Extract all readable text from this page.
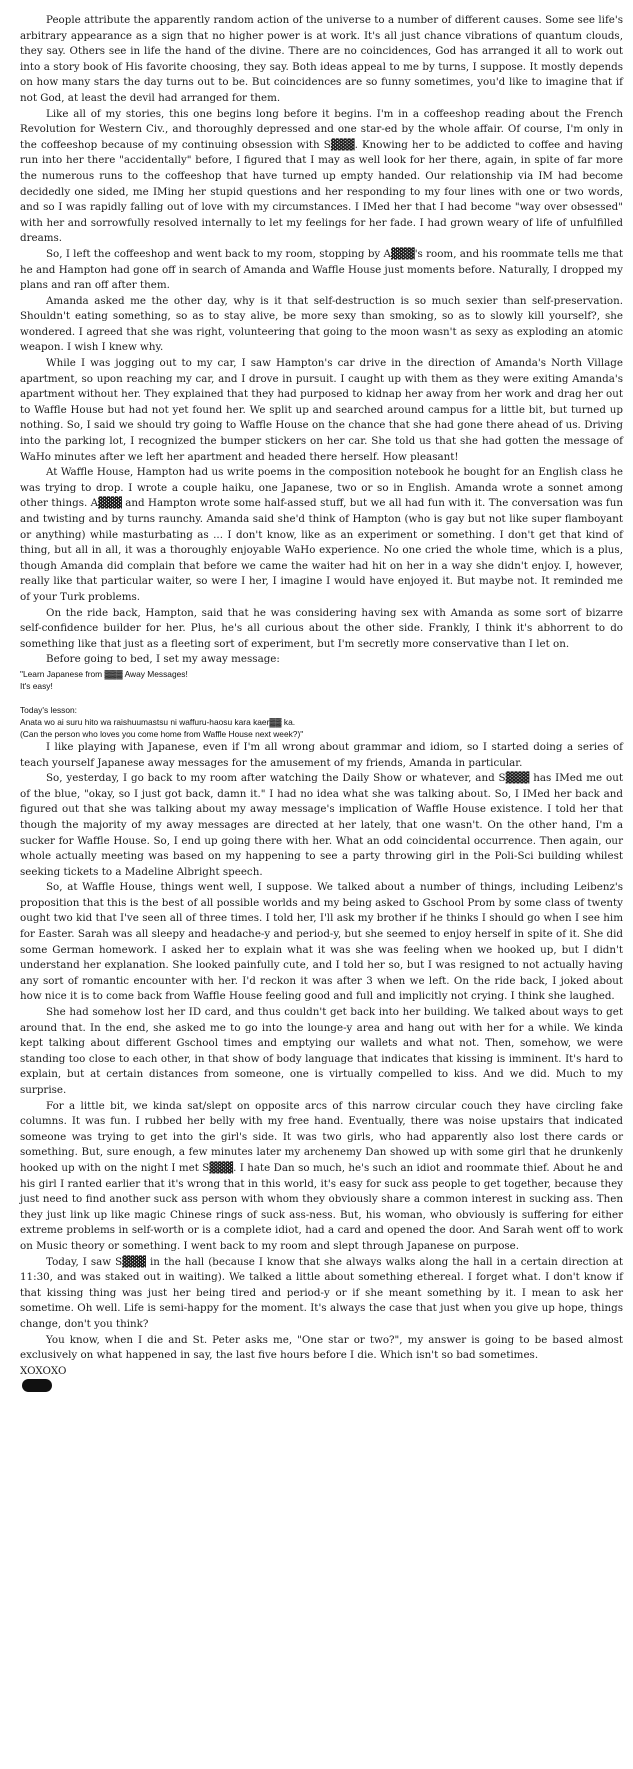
People attribute the apparently random action of the universe to a number of different causes. Some see life's arbitrary appearance as a sign that no higher power is at work. It's all just chance vibrations of quantum clouds, they say. Others see in life the hand of the divine. There are no coincidences, God has arranged it all to work out into a story book of His favorite choosing, they say. Both ideas appeal to me by turns, I suppose. It mostly depends on how many stars the day turns out to be. But coincidences are so funny sometimes, you'd like to imagine that if not God, at least the devil had arranged for them.

Like all of my stories, this one begins long before it begins. I'm in a coffeeshop reading about the French Revolution for Western Civ., and thoroughly depressed and one star-ed by the whole affair. Of course, I'm only in the coffeeshop because of my continuing obsession with S▓▓▓. Knowing her to be addicted to coffee and having run into her there "accidentally" before, I figured that I may as well look for her there, again, in spite of far more the numerous runs to the coffeeshop that have turned up empty handed. Our relationship via IM had become decidedly one sided, me IMing her stupid questions and her responding to my four lines with one or two words, and so I was rapidly falling out of love with my circumstances. I IMed her that I had become "way over obsessed" with her and sorrowfully resolved internally to let my feelings for her fade. I had grown weary of life of unfulfilled dreams.

So, I left the coffeeshop and went back to my room, stopping by A▓▓▓'s room, and his roommate tells me that he and Hampton had gone off in search of Amanda and Waffle House just moments before. Naturally, I dropped my plans and ran off after them.

Amanda asked me the other day, why is it that self-destruction is so much sexier than self-preservation. Shouldn't eating something, so as to stay alive, be more sexy than smoking, so as to slowly kill yourself?, she wondered. I agreed that she was right, volunteering that going to the moon wasn't as sexy as exploding an atomic weapon. I wish I knew why.

While I was jogging out to my car, I saw Hampton's car drive in the direction of Amanda's North Village apartment, so upon reaching my car, and I drove in pursuit. I caught up with them as they were exiting Amanda's apartment without her. They explained that they had purposed to kidnap her away from her work and drag her out to Waffle House but had not yet found her. We split up and searched around campus for a little bit, but turned up nothing. So, I said we should try going to Waffle House on the chance that she had gone there ahead of us. Driving into the parking lot, I recognized the bumper stickers on her car. She told us that she had gotten the message of WaHo minutes after we left her apartment and headed there herself. How pleasant!

At Waffle House, Hampton had us write poems in the composition notebook he bought for an English class he was trying to drop. I wrote a couple haiku, one Japanese, two or so in English. Amanda wrote a sonnet among other things. A▓▓▓ and Hampton wrote some half-assed stuff, but we all had fun with it. The conversation was fun and twisting and by turns raunchy. Amanda said she'd think of Hampton (who is gay but not like super flamboyant or anything) while masturbating as ... I don't know, like as an experiment or something. I don't get that kind of thing, but all in all, it was a thoroughly enjoyable WaHo experience. No one cried the whole time, which is a plus, though Amanda did complain that before we came the waiter had hit on her in a way she didn't enjoy. I, however, really like that particular waiter, so were I her, I imagine I would have enjoyed it. But maybe not. It reminded me of your Turk problems.

On the ride back, Hampton, said that he was considering having sex with Amanda as some sort of bizarre self-confidence builder for her. Plus, he's all curious about the other side. Frankly, I think it's abhorrent to do something like that just as a fleeting sort of experiment, but I'm secretly more conservative than I let on.

Before going to bed, I set my away message:

"Learn Japanese from ▓▓▓ Away Messages!

It's easy!

Today's lesson:

Anata wo ai suru hito wa raishuumastsu ni waffuru-haosu kara kaer▓▓ ka.

(Can the person who loves you come home from Waffle House next week?)"

I like playing with Japanese, even if I'm all wrong about grammar and idiom, so I started doing a series of teach yourself Japanese away messages for the amusement of my friends, Amanda in particular.

So, yesterday, I go back to my room after watching the Daily Show or whatever, and S▓▓▓ has IMed me out of the blue, "okay, so I just got back, damn it." I had no idea what she was talking about. So, I IMed her back and figured out that she was talking about my away message's implication of Waffle House existence. I told her that though the majority of my away messages are directed at her lately, that one wasn't. On the other hand, I'm a sucker for Waffle House. So, I end up going there with her. What an odd coincidental occurrence. Then again, our whole actually meeting was based on my happening to see a party throwing girl in the Poli-Sci building whilest seeking tickets to a Madeline Albright speech.

So, at Waffle House, things went well, I suppose. We talked about a number of things, including Leibenz's proposition that this is the best of all possible worlds and my being asked to Gschool Prom by some class of twenty ought two kid that I've seen all of three times. I told her, I'll ask my brother if he thinks I should go when I see him for Easter. Sarah was all sleepy and headache-y and period-y, but she seemed to enjoy herself in spite of it. She did some German homework. I asked her to explain what it was she was feeling when we hooked up, but I didn't understand her explanation. She looked painfully cute, and I told her so, but I was resigned to not actually having any sort of romantic encounter with her. I'd reckon it was after 3 when we left. On the ride back, I joked about how nice it is to come back from Waffle House feeling good and full and implicitly not crying. I think she laughed.

She had somehow lost her ID card, and thus couldn't get back into her building. We talked about ways to get around that. In the end, she asked me to go into the lounge-y area and hang out with her for a while. We kinda kept talking about different Gschool times and emptying our wallets and what not. Then, somehow, we were standing too close to each other, in that show of body language that indicates that kissing is imminent. It's hard to explain, but at certain distances from someone, one is virtually compelled to kiss. And we did. Much to my surprise.

For a little bit, we kinda sat/slept on opposite arcs of this narrow circular couch they have circling fake columns. It was fun. I rubbed her belly with my free hand. Eventually, there was noise upstairs that indicated someone was trying to get into the girl's side. It was two girls, who had apparently also lost there cards or something. But, sure enough, a few minutes later my archenemy Dan showed up with some girl that he drunkenly hooked up with on the night I met S▓▓▓. I hate Dan so much, he's such an idiot and roommate thief. About he and his girl I ranted earlier that it's wrong that in this world, it's easy for suck ass people to get together, because they just need to find another suck ass person with whom they obviously share a common interest in sucking ass. Then they just link up like magic Chinese rings of suck ass-ness. But, his woman, who obviously is suffering for either extreme problems in self-worth or is a complete idiot, had a card and opened the door. And Sarah went off to work on Music theory or something. I went back to my room and slept through Japanese on purpose.

Today, I saw S▓▓▓ in the hall (because I know that she always walks along the hall in a certain direction at 11:30, and was staked out in waiting). We talked a little about something ethereal. I forget what. I don't know if that kissing thing was just her being tired and period-y or if she meant something by it. I mean to ask her sometime. Oh well. Life is semi-happy for the moment. It's always the case that just when you give up hope, things change, don't you think?

You know, when I die and St. Peter asks me, "One star or two?", my answer is going to be based almost exclusively on what happened in say, the last five hours before I die. Which isn't so bad sometimes.

XOXOXO
